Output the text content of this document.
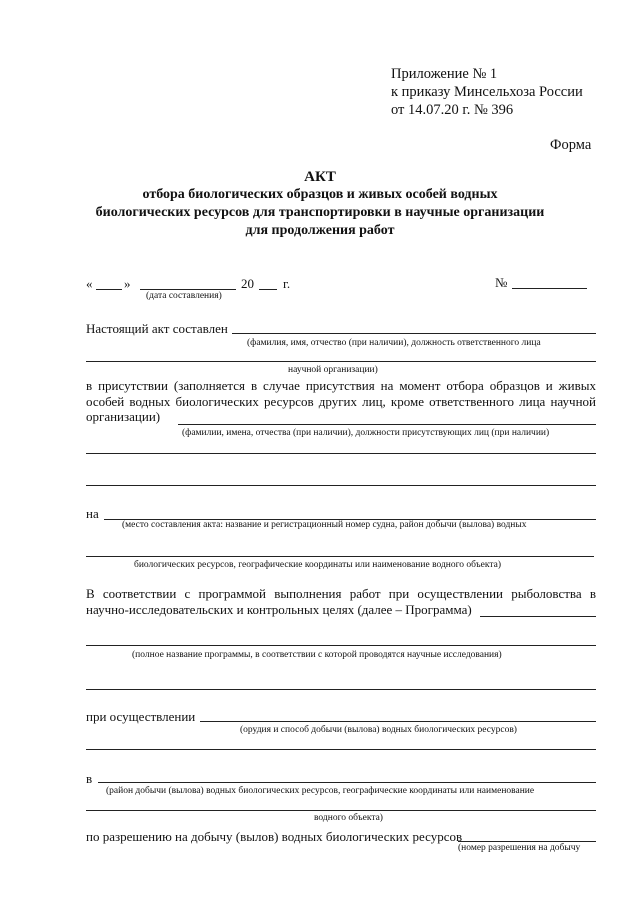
Приложение № 1
к приказу Минсельхоза России
от 14.07.20 г. № 396
Форма
АКТ
отбора биологических образцов и живых особей водных
биологических ресурсов для транспортировки в научные организации
для продолжения работ
« »	20 г.	№
(дата составления)
Настоящий акт составлен
(фамилия, имя, отчество (при наличии), должность ответственного лица
научной организации)
в присутствии (заполняется в случае присутствия на момент отбора образцов и живых особей водных биологических ресурсов других лиц, кроме ответственного лица научной организации)
(фамилии, имена, отчества (при наличии), должности присутствующих лиц (при наличии)
на
(место составления акта: название и регистрационный номер судна, район добычи (вылова) водных
биологических ресурсов, географические координаты или наименование водного объекта)
В соответствии с программой выполнения работ при осуществлении рыболовства в научно-исследовательских и контрольных целях (далее – Программа)
(полное название программы, в соответствии с которой проводятся научные исследования)
при осуществлении
(орудия и способ добычи (вылова) водных биологических ресурсов)
в
(район добычи (вылова) водных биологических ресурсов, географические координаты или наименование
водного объекта)
по разрешению на добычу (вылов) водных биологических ресурсов
(номер разрешения на добычу
